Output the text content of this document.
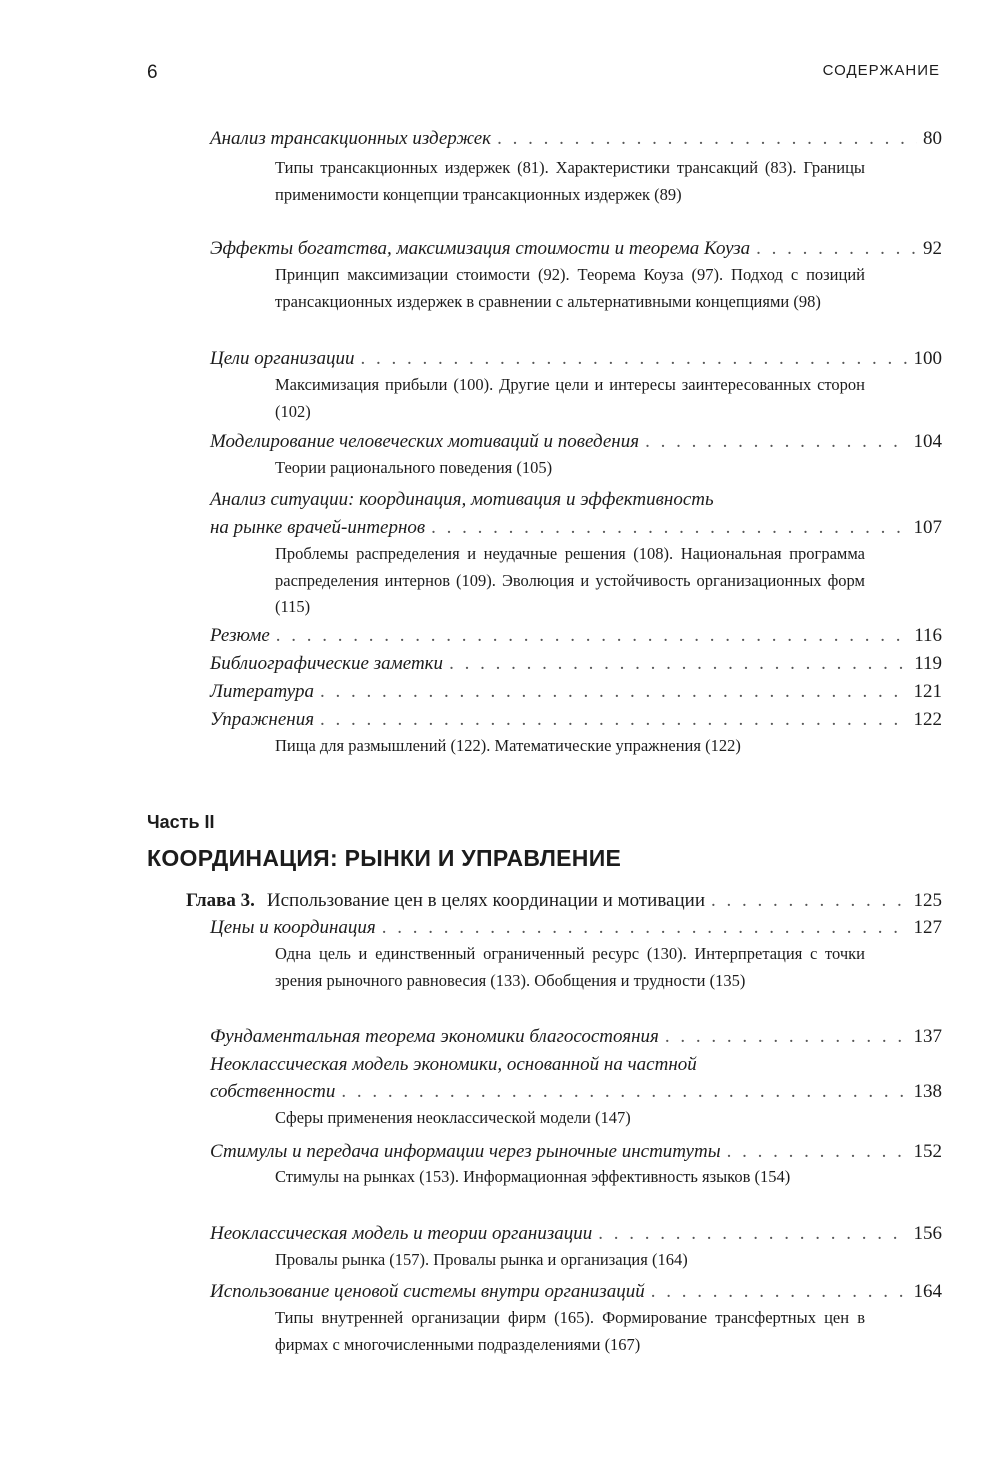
6	СОДЕРЖАНИЕ
Анализ трансакционных издержек . . .	80
Типы трансакционных издержек (81). Характеристики трансакций (83). Границы применимости концепции трансакционных издержек (89)
Эффекты богатства, максимизация стоимости и теорема Коуза . . .	92
Принцип максимизации стоимости (92). Теорема Коуза (97). Подход с позиций трансакционных издержек в сравнении с альтернативными концепциями (98)
Цели организации . . .	100
Максимизация прибыли (100). Другие цели и интересы заинтересованных сторон (102)
Моделирование человеческих мотиваций и поведения . . .	104
Теории рационального поведения (105)
Анализ ситуации: координация, мотивация и эффективность
на рынке врачей-интернов . . .	107
Проблемы распределения и неудачные решения (108). Национальная программа распределения интернов (109). Эволюция и устойчивость организационных форм (115)
Резюме . . .	116
Библиографические заметки . . .	119
Литература . . .	121
Упражнения . . .	122
Пища для размышлений (122). Математические упражнения (122)
Часть II
КООРДИНАЦИЯ: РЫНКИ И УПРАВЛЕНИЕ
Глава 3. Использование цен в целях координации и мотивации . . .	125
Цены и координация . . .	127
Одна цель и единственный ограниченный ресурс (130). Интерпретация с точки зрения рыночного равновесия (133). Обобщения и трудности (135)
Фундаментальная теорема экономики благосостояния . . .	137
Неоклассическая модель экономики, основанной на частной
собственности . . .	138
Сферы применения неоклассической модели (147)
Стимулы и передача информации через рыночные институты . . .	152
Стимулы на рынках (153). Информационная эффективность языков (154)
Неоклассическая модель и теории организации . . .	156
Провалы рынка (157). Провалы рынка и организация (164)
Использование ценовой системы внутри организаций . . .	164
Типы внутренней организации фирм (165). Формирование трансфертных цен в фирмах с многочисленными подразделениями (167)
